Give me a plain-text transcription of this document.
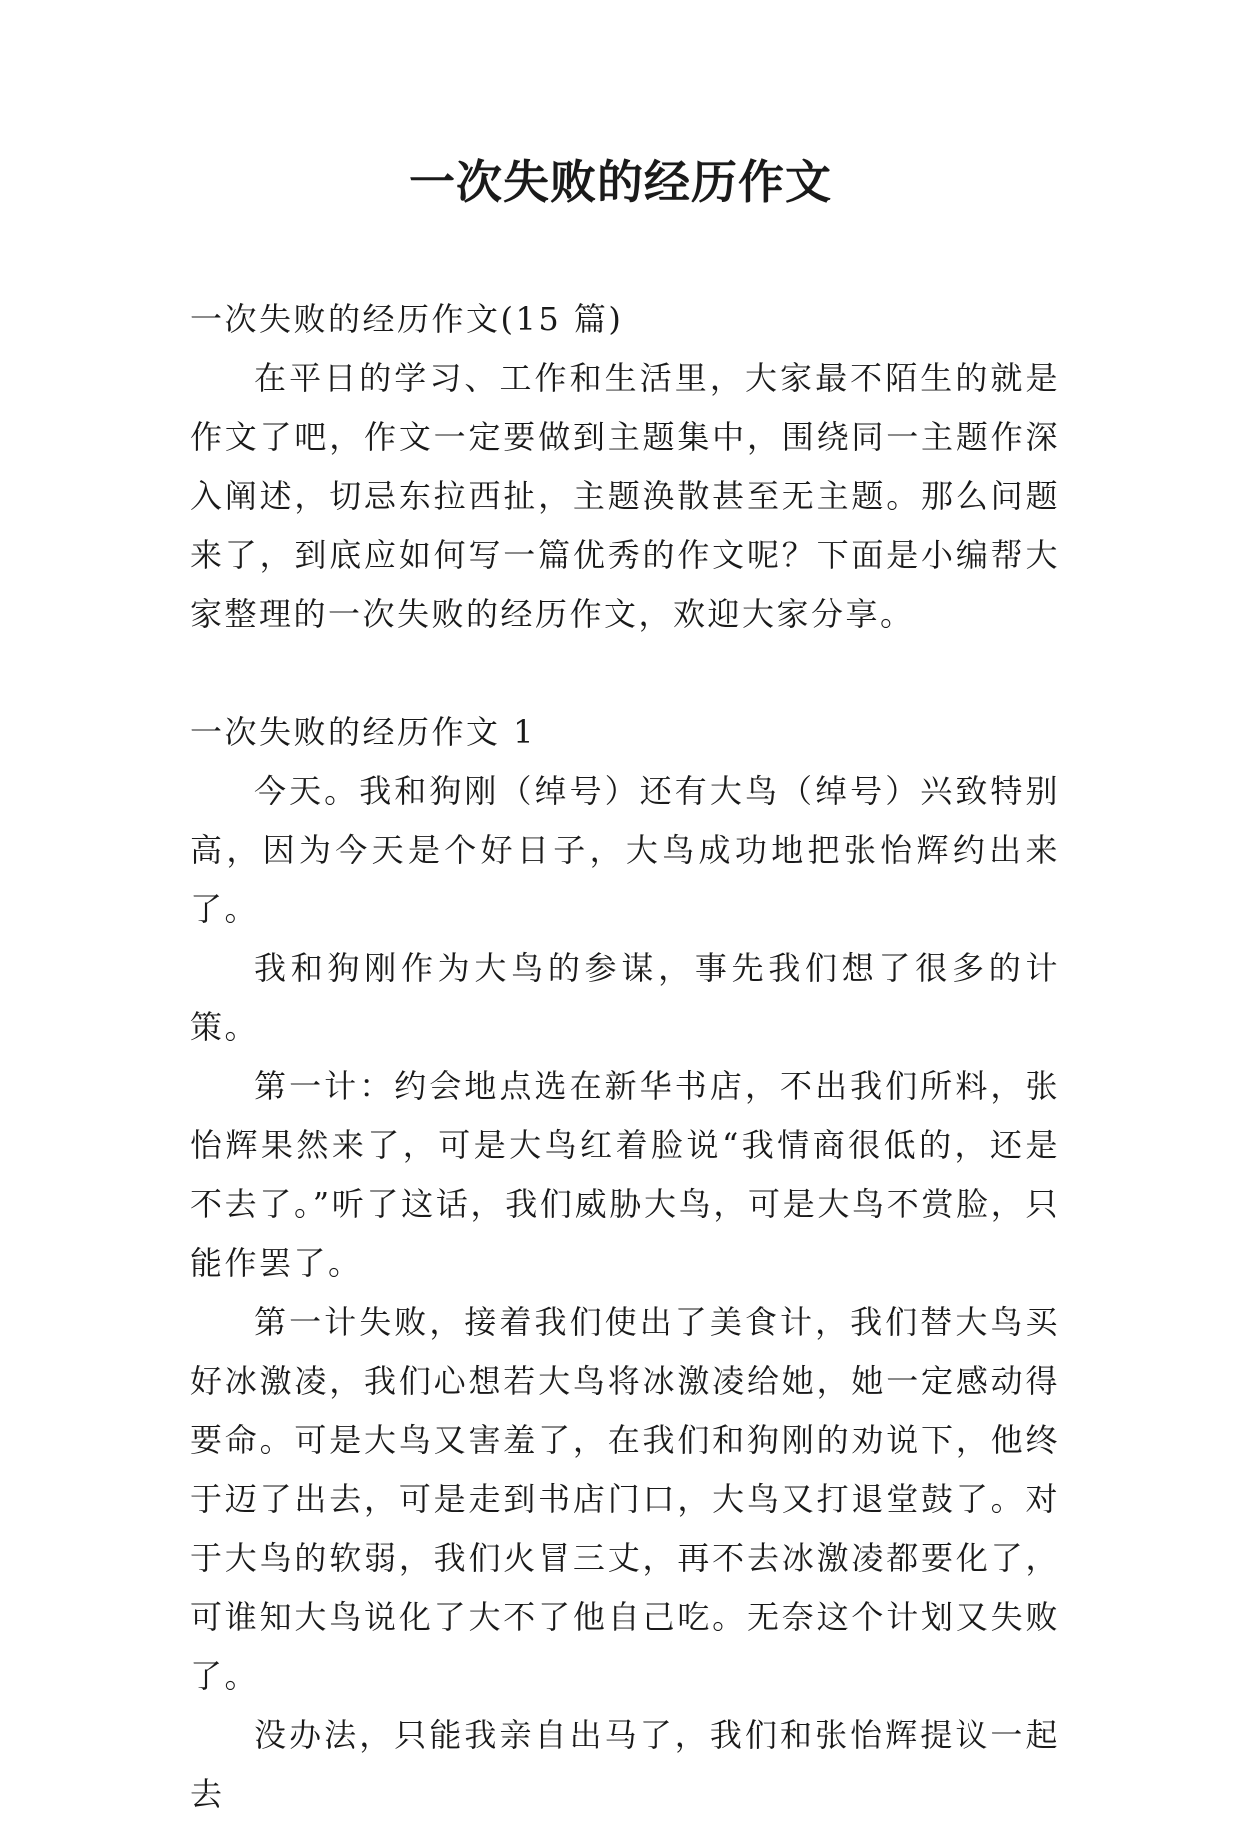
一次失败的经历作文

一次失败的经历作文(15 篇)

在平日的学习、工作和生活里，大家最不陌生的就是作文了吧，作文一定要做到主题集中，围绕同一主题作深入阐述，切忌东拉西扯，主题涣散甚至无主题。那么问题来了，到底应如何写一篇优秀的作文呢？下面是小编帮大家整理的一次失败的经历作文，欢迎大家分享。

一次失败的经历作文 1

今天。我和狗刚（绰号）还有大鸟（绰号）兴致特别高，因为今天是个好日子，大鸟成功地把张怡辉约出来了。

我和狗刚作为大鸟的参谋，事先我们想了很多的计策。

第一计：约会地点选在新华书店，不出我们所料，张怡辉果然来了，可是大鸟红着脸说“我情商很低的，还是不去了。”听了这话，我们威胁大鸟，可是大鸟不赏脸，只能作罢了。

第一计失败，接着我们使出了美食计，我们替大鸟买好冰激凌，我们心想若大鸟将冰激凌给她，她一定感动得要命。可是大鸟又害羞了，在我们和狗刚的劝说下，他终于迈了出去，可是走到书店门口，大鸟又打退堂鼓了。对于大鸟的软弱，我们火冒三丈，再不去冰激凌都要化了，可谁知大鸟说化了大不了他自己吃。无奈这个计划又失败了。

没办法，只能我亲自出马了，我们和张怡辉提议一起去
